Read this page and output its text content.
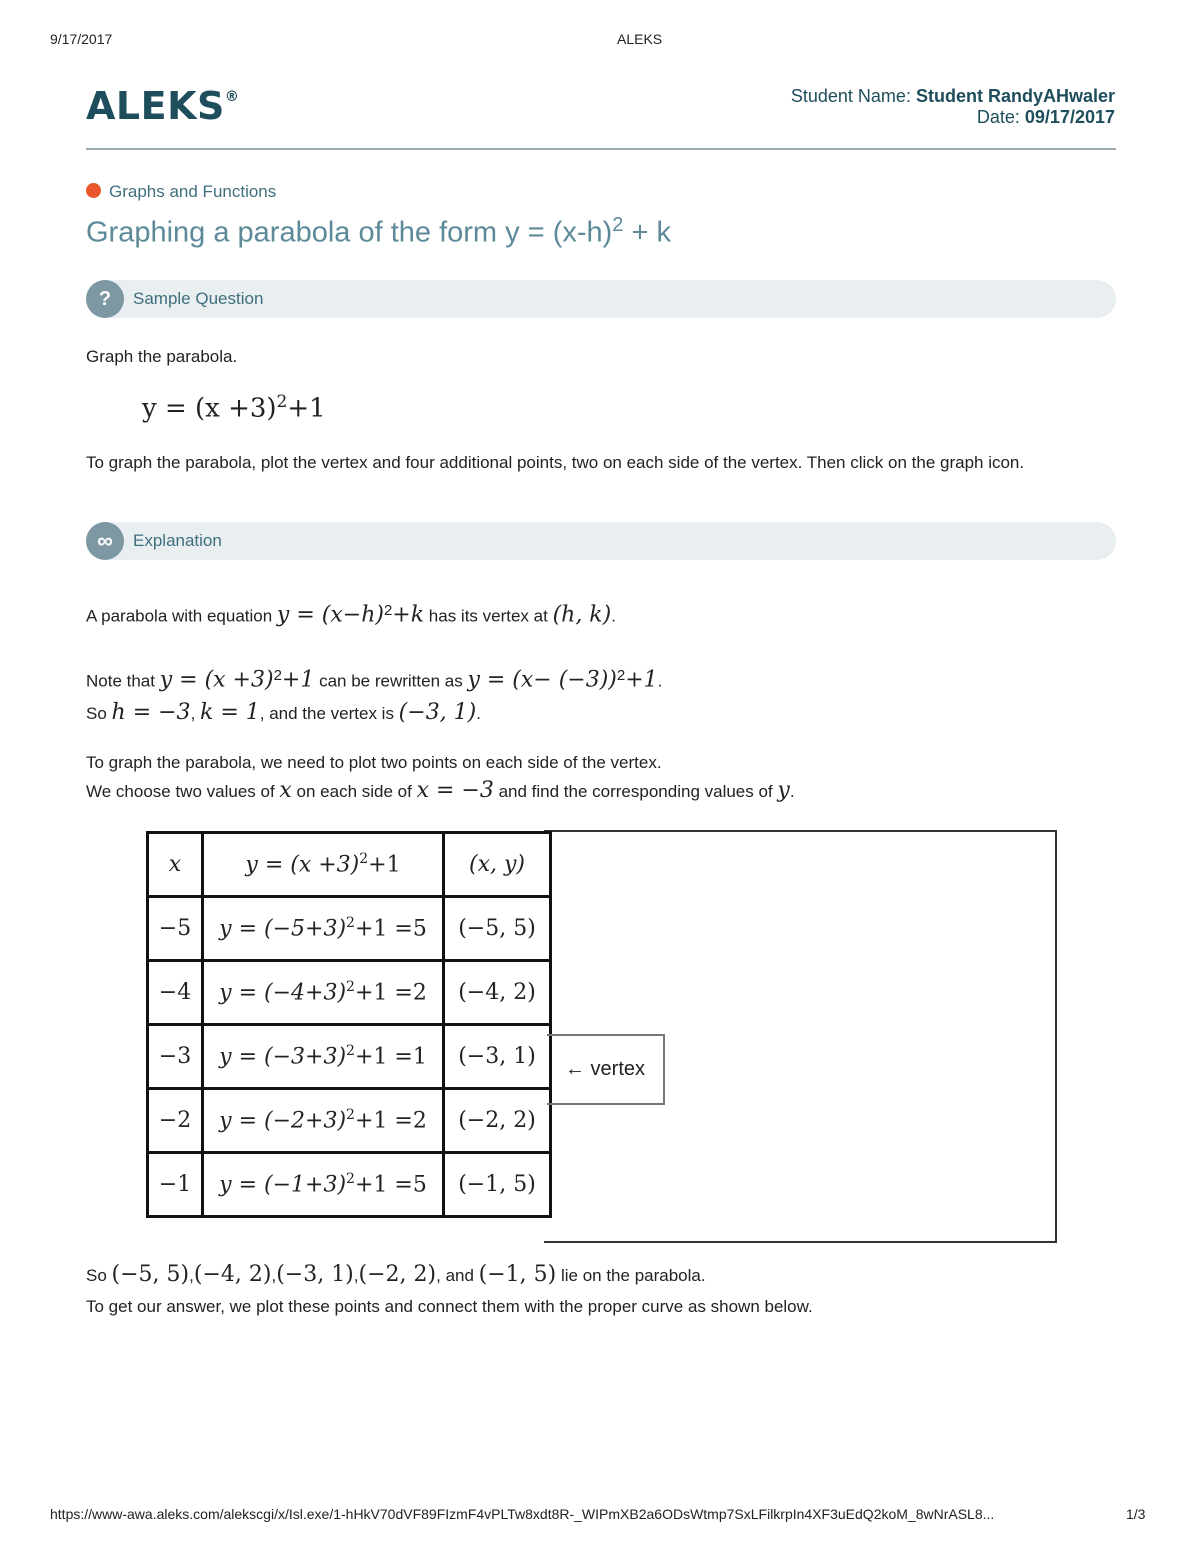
9/17/2017	ALEKS
ALEKS®	Student Name: Student RandyAHwaler
Date: 09/17/2017
Graphs and Functions
Graphing a parabola of the form $y = (x-h)^2 + k$
?	Sample Question
Graph the parabola.
$y = (x +3)^2+1$
To graph the parabola, plot the vertex and four additional points, two on each side of the vertex. Then click on the graph icon.
∞	Explanation
A parabola with equation $y = (x-h)^2+k$ has its vertex at (h, k).
Note that $y = (x +3)^2+1$ can be rewritten as $y = (x- (-3))^2+1$.
So h = −3, k = 1, and the vertex is (−3, 1).
To graph the parabola, we need to plot two points on each side of the vertex.
We choose two values of x on each side of x = −3 and find the corresponding values of y.
x	$y = (x +3)^2+1$	(x, y)
−5	$y = (-5+3)^2+1 =5$	(−5, 5)
−4	$y = (-4+3)^2+1 =2$	(−4, 2)
−3	$y = (-3+3)^2+1 =1$	(−3, 1)
−2	$y = (-2+3)^2+1 =2$	(−2, 2)
−1	$y = (-1+3)^2+1 =5$	(−1, 5)
← vertex
So (−5, 5),(−4, 2),(−3, 1),(−2, 2), and (−1, 5) lie on the parabola.
To get our answer, we plot these points and connect them with the proper curve as shown below.
https://www-awa.aleks.com/alekscgi/x/Isl.exe/1-hHkV70dVF89FIzmF4vPLTw8xdt8R-_WIPmXB2a6ODsWtmp7SxLFilkrpIn4XF3uEdQ2koM_8wNrASL8...	1/3
